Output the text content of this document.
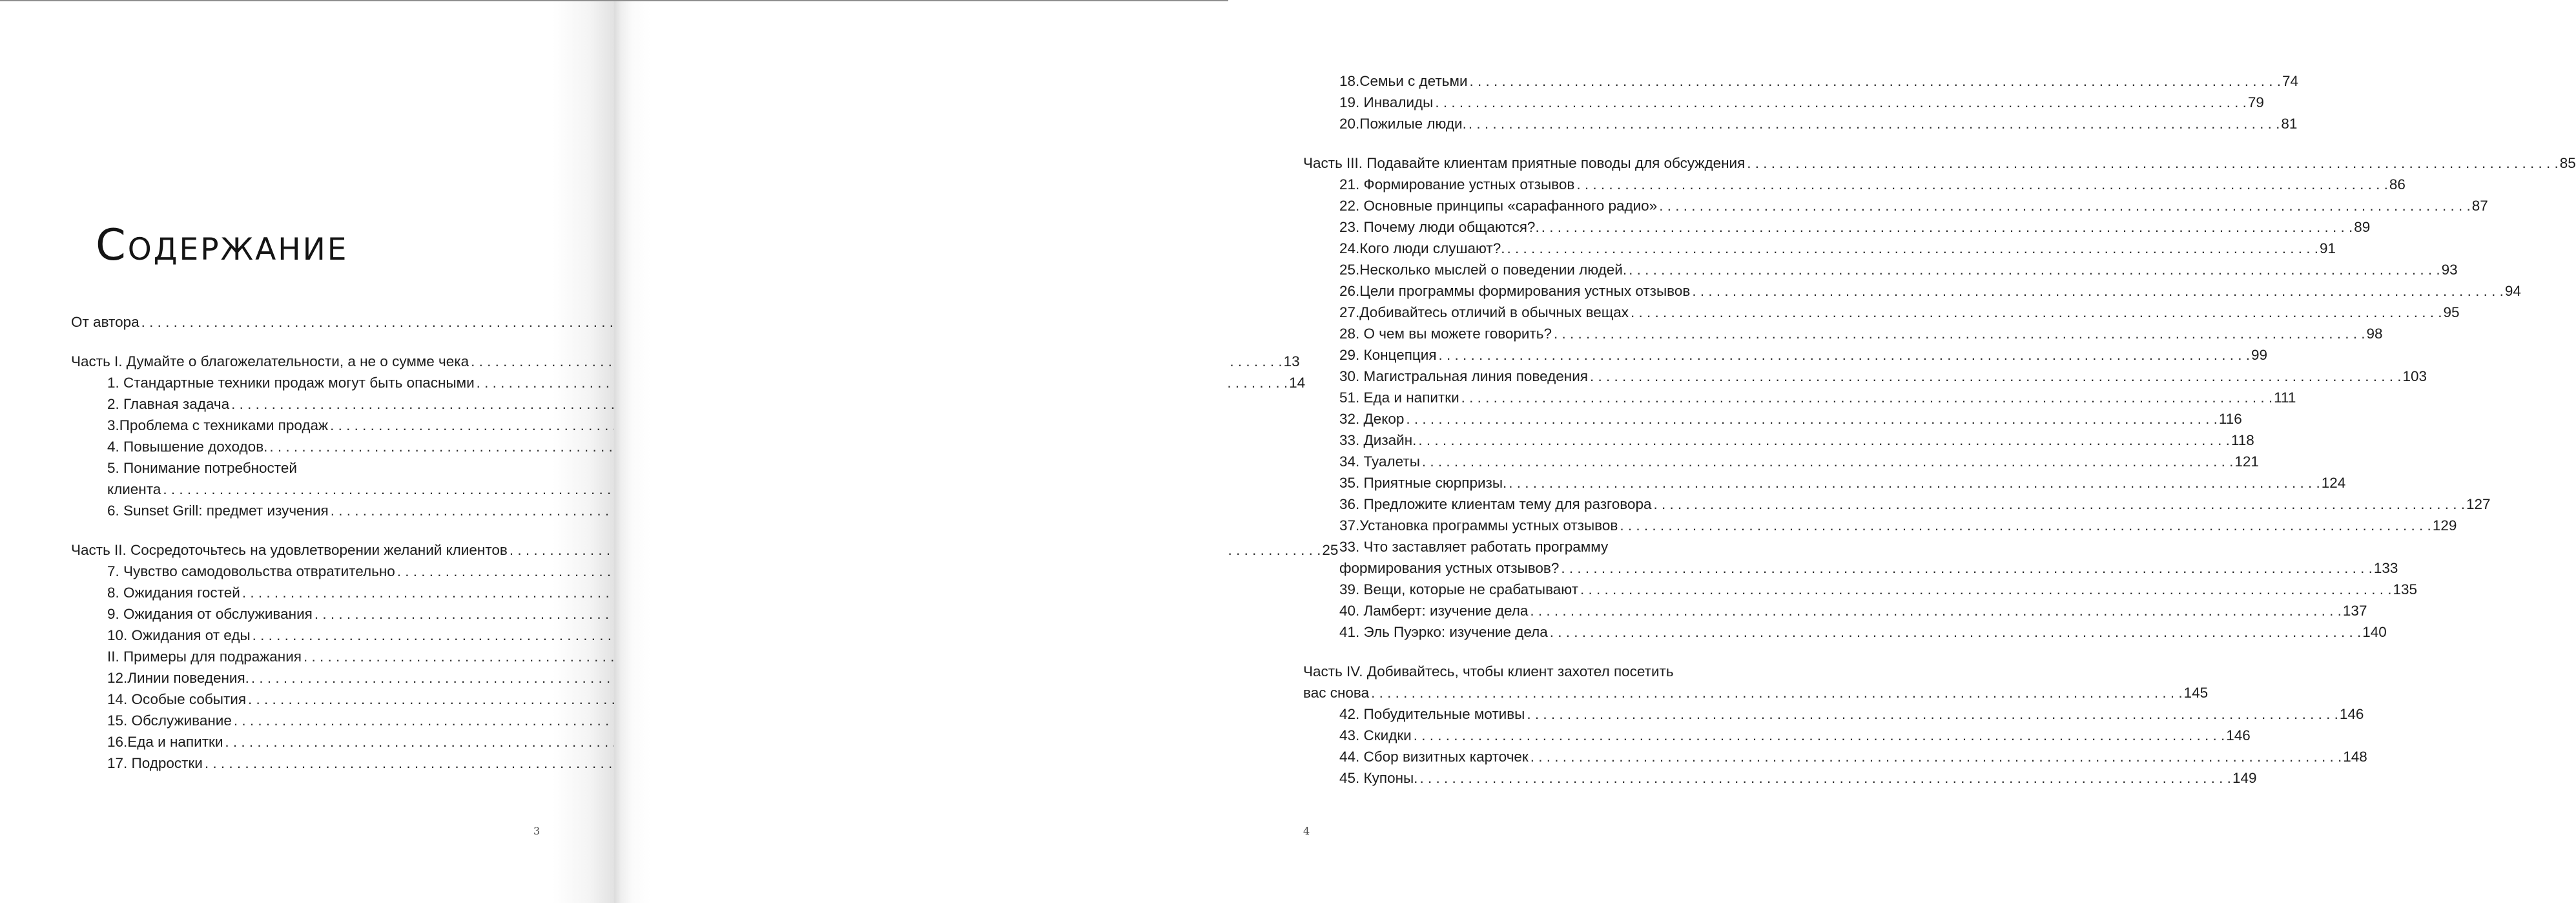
Содержание
От автора
. . .
Часть I. Думайте о благожелательности, а не о сумме чека . . .	13
1. Стандартные техники продаж могут быть опасными . . .	14
2. Главная задача
. . .
3.Проблема с техниками продаж
. . .
4. Повышение доходов.
. . .
5. Понимание потребностей
клиента
. . .
6. Sunset Grill: предмет изучения
. . .
Часть II. Сосредоточьтесь на удовлетворении желаний клиентов . . .	25
7. Чувство самодовольства отвратительно
. . .
8. Ожидания гостей
. . .
9. Ожидания от обслуживания
. . .
10. Ожидания от еды
. . .
II. Примеры для подражания
. . .
12.Линии поведения.
. . .
14. Особые события
. . .
15. Обслуживание
. . .
16.Еда и напитки
. . .
17. Подростки
. . .
3
18.Семьи с детьми . . .	74
19. Инвалиды . . .	79
20.Пожилые люди. . . .	81
Часть III. Подавайте клиентам приятные поводы для обсуждения . . .	85
21. Формирование устных отзывов . . .	86
22. Основные принципы «сарафанного радио» . . .	87
23. Почему люди общаются?. . . .	89
24.Кого люди слушают?. . . .	91
25.Несколько мыслей о поведении людей. . . .	93
26.Цели программы формирования устных отзывов . . .	94
27.Добивайтесь отличий в обычных вещах . . .	95
28. О чем вы можете говорить? . . .	98
29. Концепция . . .	99
30. Магистральная линия поведения . . .	103
51. Еда и напитки . . .	111
32. Декор . . .	116
33. Дизайн. . . .	118
34. Туалеты . . .	121
35. Приятные сюрпризы. . . .	124
36. Предложите клиентам тему для разговора . . .	127
37.Установка программы устных отзывов . . .	129
33. Что заставляет работать программу
формирования устных отзывов? . . .	133
39. Вещи, которые не срабатывают . . .	135
40. Ламберт: изучение дела . . .	137
41. Эль Пуэрко: изучение дела . . .	140
Часть IV. Добивайтесь, чтобы клиент захотел посетить
вас снова . . .	145
42. Побудительные мотивы . . .	146
43. Скидки . . .	146
44. Сбор визитных карточек . . .	148
45. Купоны. . . .	149
4
